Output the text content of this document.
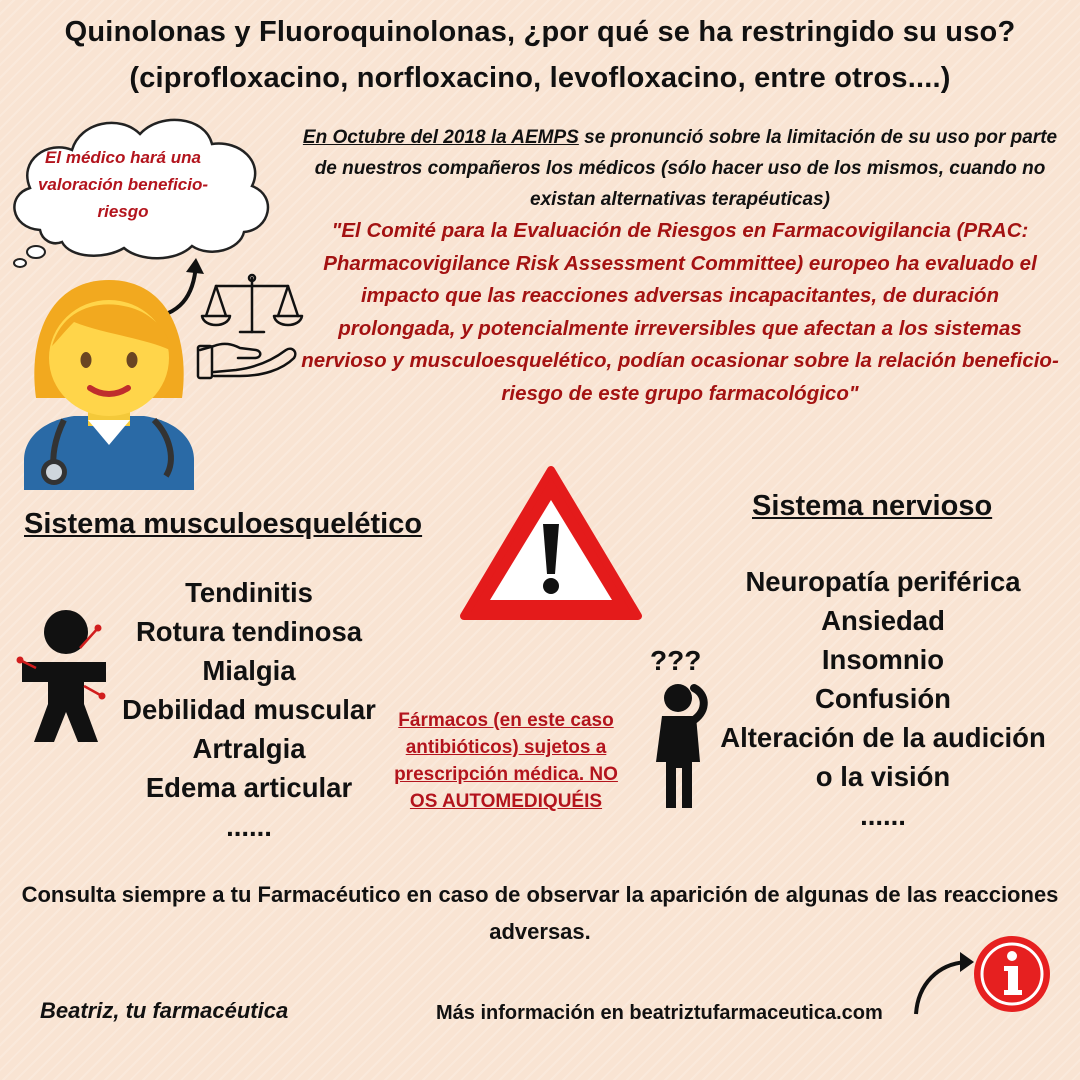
Quinolonas y Fluoroquinolonas, ¿por qué se ha restringido su uso?
(ciprofloxacino, norfloxacino, levofloxacino, entre otros....)
El médico hará una valoración beneficio-riesgo
En Octubre del 2018 la AEMPS se pronunció sobre la limitación de su uso por parte de nuestros compañeros los médicos (sólo hacer uso de los mismos, cuando no existan alternativas terapéuticas)
"El Comité para la Evaluación de Riesgos en Farmacovigilancia (PRAC: Pharmacovigilance Risk Assessment Committee) europeo ha evaluado el impacto que las reacciones adversas incapacitantes, de duración prolongada, y potencialmente irreversibles que afectan a los sistemas nervioso y musculoesquelético, podían ocasionar sobre la relación beneficio-riesgo de este grupo farmacológico"
Sistema musculoesquelético
Sistema nervioso
Tendinitis
Rotura tendinosa
Mialgia
Debilidad muscular
Artralgia
Edema articular
......
Neuropatía periférica
Ansiedad
Insomnio
Confusión
Alteración de la audición
o la visión
......
???
Fármacos (en este caso antibióticos) sujetos a prescripción médica. NO OS AUTOMEDIQUÉIS
Consulta siempre a tu Farmacéutico en caso de observar la aparición de algunas de las reacciones adversas.
Beatriz, tu farmacéutica	Más información en beatriztufarmaceutica.com
